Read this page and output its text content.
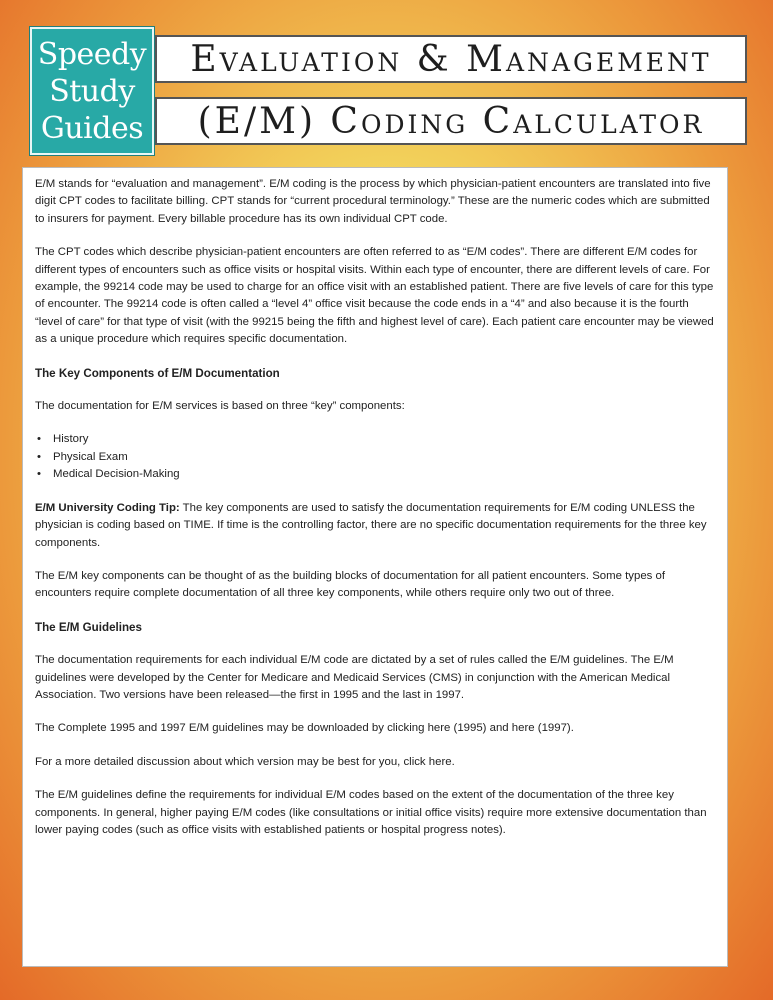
Speedy
Study
Guides
Evaluation & Management
(E/M) Coding Calculator

E/M stands for “evaluation and management”. E/M coding is the process by which physician-patient encounters are translated into five digit CPT codes to facilitate billing. CPT stands for “current procedural terminology.” These are the numeric codes which are submitted to insurers for payment. Every billable procedure has its own individual CPT code.

The CPT codes which describe physician-patient encounters are often referred to as “E/M codes”. There are different E/M codes for different types of encounters such as office visits or hospital visits. Within each type of encounter, there are different levels of care. For example, the 99214 code may be used to charge for an office visit with an established patient. There are five levels of care for this type of encounter. The 99214 code is often called a “level 4” office visit because the code ends in a “4” and also because it is the fourth “level of care” for that type of visit (with the 99215 being the fifth and highest level of care). Each patient care encounter may be viewed as a unique procedure which requires specific documentation.

The Key Components of E/M Documentation

The documentation for E/M services is based on three “key” components:

• History
• Physical Exam
• Medical Decision-Making

E/M University Coding Tip: The key components are used to satisfy the documentation requirements for E/M coding UNLESS the physician is coding based on TIME. If time is the controlling factor, there are no specific documentation requirements for the three key components.

The E/M key components can be thought of as the building blocks of documentation for all patient encounters. Some types of encounters require complete documentation of all three key components, while others require only two out of three.

The E/M Guidelines

The documentation requirements for each individual E/M code are dictated by a set of rules called the E/M guidelines. The E/M guidelines were developed by the Center for Medicare and Medicaid Services (CMS) in conjunction with the American Medical Association. Two versions have been released—the first in 1995 and the last in 1997.

The Complete 1995 and 1997 E/M guidelines may be downloaded by clicking here (1995) and here (1997).

For a more detailed discussion about which version may be best for you, click here.

The E/M guidelines define the requirements for individual E/M codes based on the extent of the documentation of the three key components. In general, higher paying E/M codes (like consultations or initial office visits) require more extensive documentation than lower paying codes (such as office visits with established patients or hospital progress notes).
